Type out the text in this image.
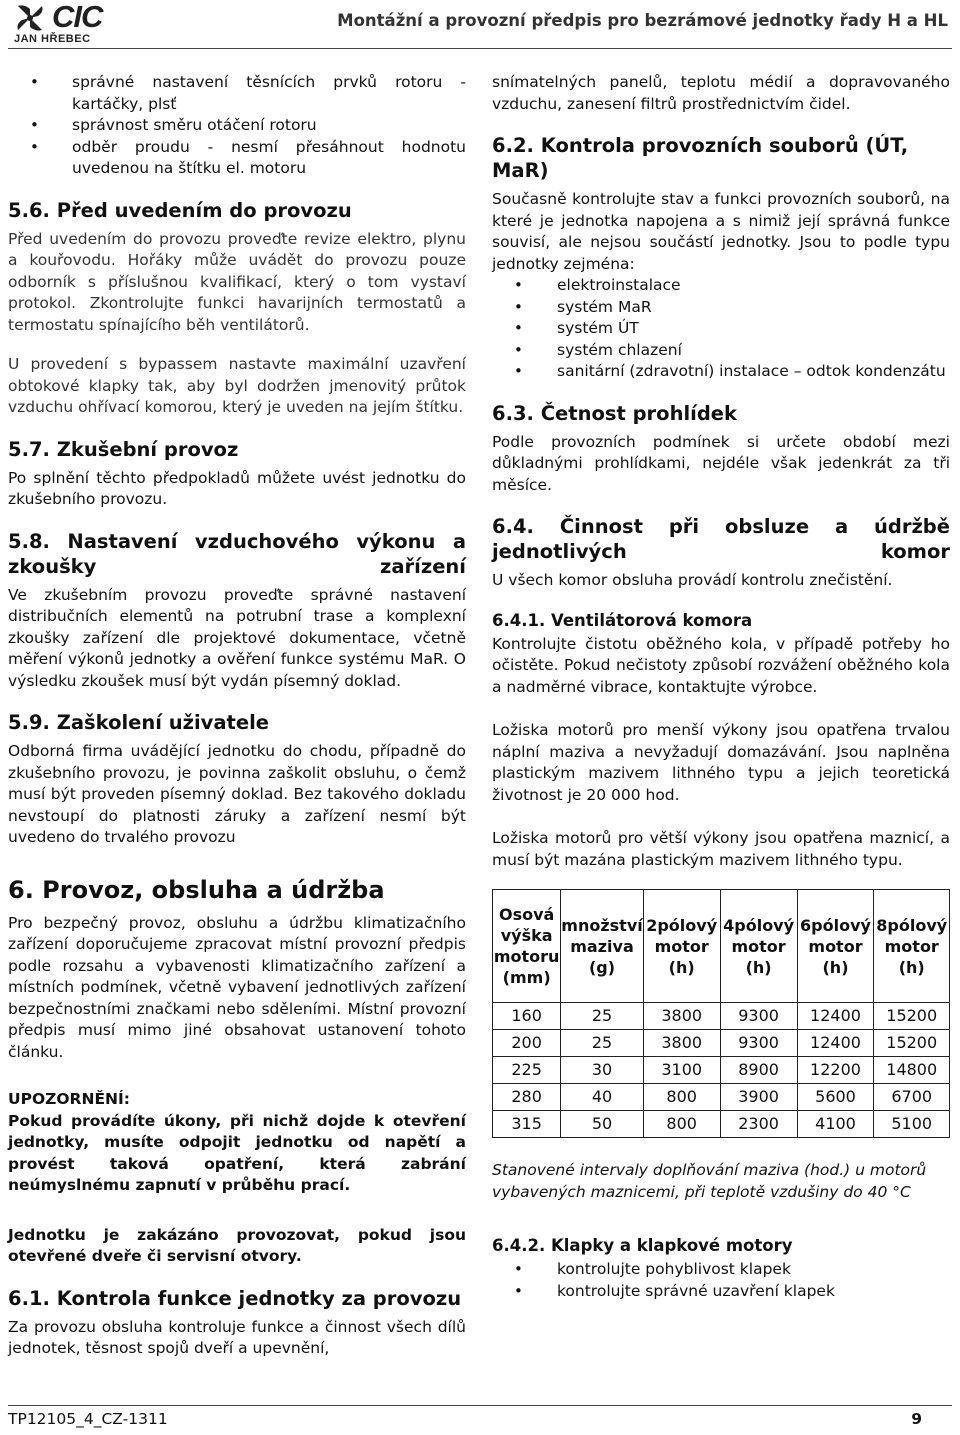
CIC
JAN HŘEBEC
Montážní a provozní předpis pro bezrámové jednotky řady H a HL
• správné nastavení těsnících prvků rotoru - kartáčky, plsť
• správnost směru otáčení rotoru
• odběr proudu - nesmí přesáhnout hodnotu uvedenou na štítku el. motoru
5.6. Před uvedením do provozu

Před uvedením do provozu proveďte revize elektro, plynu a kouřovodu. Hořáky může uvádět do provozu pouze odborník s příslušnou kvalifikací, který o tom vystaví protokol. Zkontrolujte funkci havarijních termostatů a termostatu spínajícího běh ventilátorů.

U provedení s bypassem nastavte maximální uzavření obtokové klapky tak, aby byl dodržen jmenovitý průtok vzduchu ohřívací komorou, který je uveden na jejím štítku.

5.7. Zkušební provoz

Po splnění těchto předpokladů můžete uvést jednotku do zkušebního provozu.

5.8. Nastavení vzduchového výkonu a zkoušky zařízení

Ve zkušebním provozu proveďte správné nastavení distribučních elementů na potrubní trase a komplexní zkoušky zařízení dle projektové dokumentace, včetně měření výkonů jednotky a ověření funkce systému MaR. O výsledku zkoušek musí být vydán písemný doklad.

5.9. Zaškolení uživatele

Odborná firma uvádějící jednotku do chodu, případně do zkušebního provozu, je povinna zaškolit obsluhu, o čemž musí být proveden písemný doklad. Bez takového dokladu nevstoupí do platnosti záruky a zařízení nesmí být uvedeno do trvalého provozu

6. Provoz, obsluha a údržba

Pro bezpečný provoz, obsluhu a údržbu klimatizačního zařízení doporučujeme zpracovat místní provozní předpis podle rozsahu a vybavenosti klimatizačního zařízení a místních podmínek, včetně vybavení jednotlivých zařízení bezpečnostními značkami nebo sděleními. Místní provozní předpis musí mimo jiné obsahovat ustanovení tohoto článku.

UPOZORNĚNÍ:

Pokud provádíte úkony, při nichž dojde k otevření jednotky, musíte odpojit jednotku od napětí a provést taková opatření, která zabrání neúmyslnému zapnutí v průběhu prací.

Jednotku je zakázáno provozovat, pokud jsou otevřené dveře či servisní otvory.

6.1. Kontrola funkce jednotky za provozu

Za provozu obsluha kontroluje funkce a činnost všech dílů jednotek, těsnost spojů dveří a upevnění,

snímatelných panelů, teplotu médií a dopravovaného vzduchu, zanesení filtrů prostřednictvím čidel.

6.2. Kontrola provozních souborů (ÚT, MaR)

Současně kontrolujte stav a funkci provozních souborů, na které je jednotka napojena a s nimiž její správná funkce souvisí, ale nejsou součástí jednotky. Jsou to podle typu jednotky zejména:

• elektroinstalace
• systém MaR
• systém ÚT
• systém chlazení
• sanitární (zdravotní) instalace – odtok kondenzátu
6.3. Četnost prohlídek

Podle provozních podmínek si určete období mezi důkladnými prohlídkami, nejdéle však jedenkrát za tři měsíce.

6.4. Činnost při obsluze a údržbě jednotlivých komor

U všech komor obsluha provádí kontrolu znečistění.

6.4.1. Ventilátorová komora

Kontrolujte čistotu oběžného kola, v případě potřeby ho očistěte. Pokud nečistoty způsobí rozvážení oběžného kola a nadměrné vibrace, kontaktujte výrobce.

Ložiska motorů pro menší výkony jsou opatřena trvalou náplní maziva a nevyžadují domazávání. Jsou naplněna plastickým mazivem lithného typu a jejich teoretická životnost je 20 000 hod.

Ložiska motorů pro větší výkony jsou opatřena maznicí, a musí být mazána plastickým mazivem lithného typu.

Osová výška motoru (mm)	množství maziva (g)	2pólový motor (h)	4pólový motor (h)	6pólový motor (h)	8pólový motor (h)
160	25	3800	9300	12400	15200
200	25	3800	9300	12400	15200
225	30	3100	8900	12200	14800
280	40	800	3900	5600	6700
315	50	800	2300	4100	5100

Stanovené intervaly doplňování maziva (hod.) u motorů vybavených maznicemi, při teplotě vzdušiny do 40 °C

6.4.2. Klapky a klapkové motory
• kontrolujte pohyblivost klapek
• kontrolujte správné uzavření klapek
TP12105_4_CZ-1311	9
